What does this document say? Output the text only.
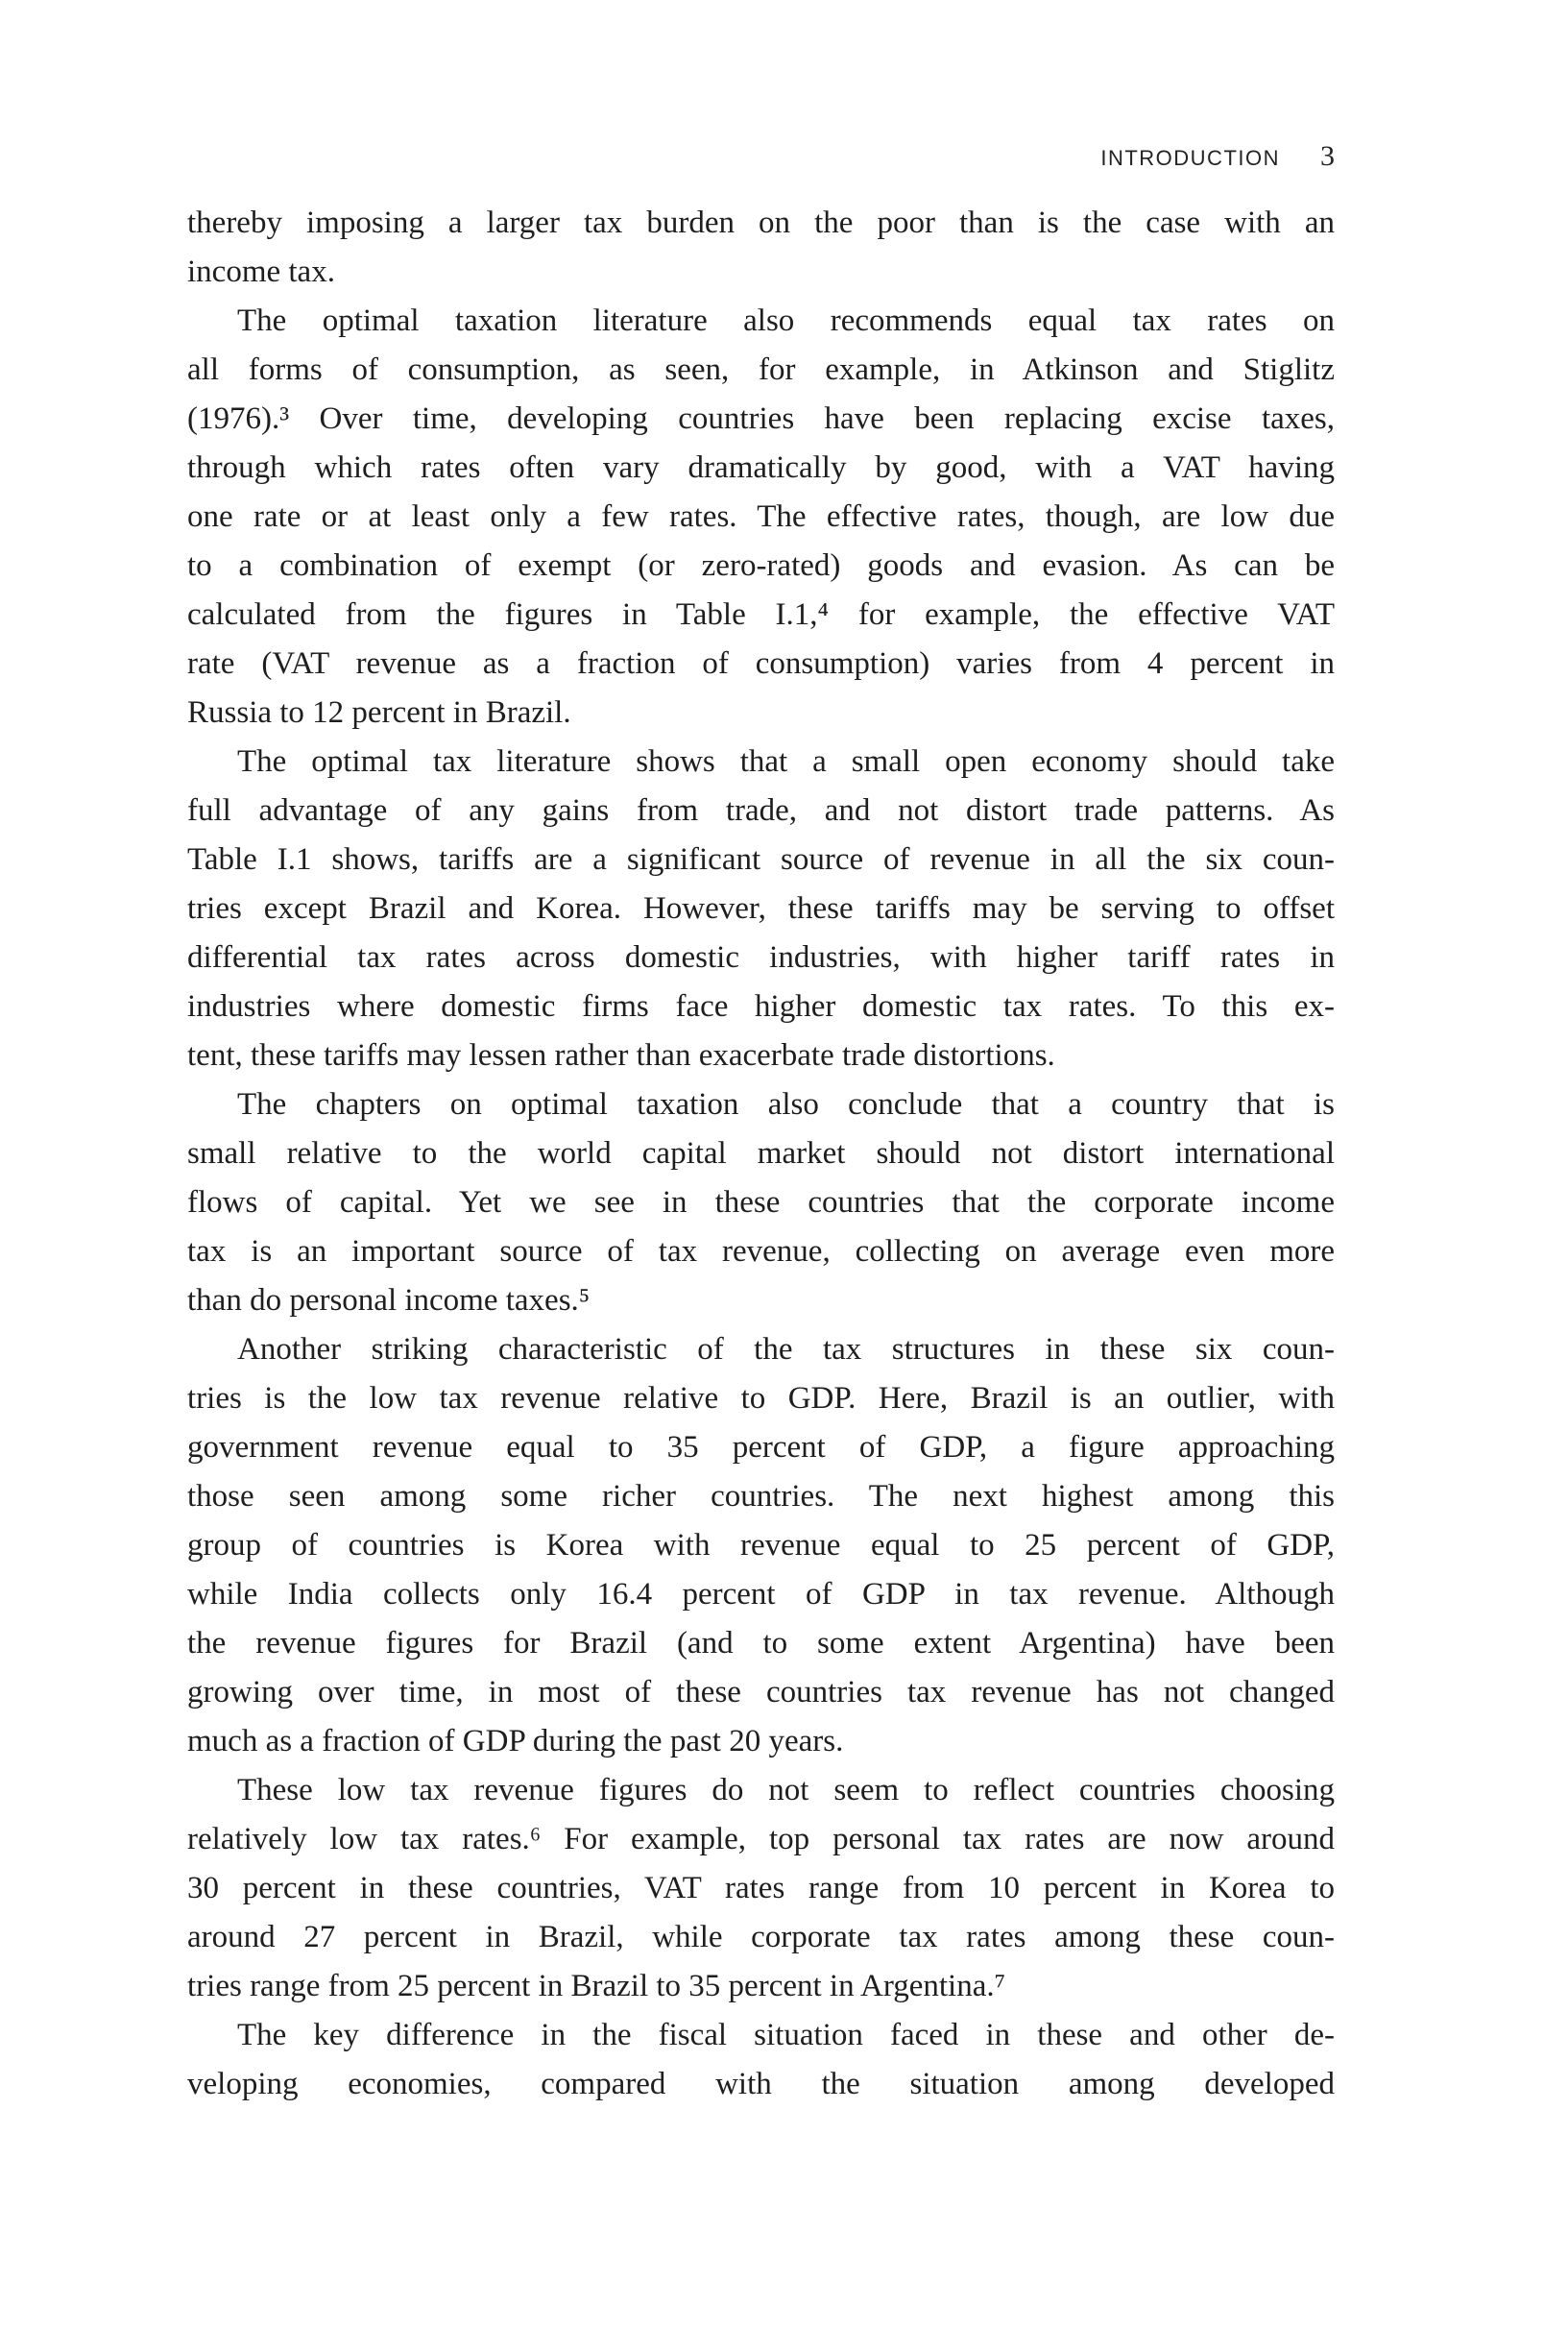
INTRODUCTION 3
thereby imposing a larger tax burden on the poor than is the case with an
income tax.
The optimal taxation literature also recommends equal tax rates on
all forms of consumption, as seen, for example, in Atkinson and Stiglitz
(1976).³ Over time, developing countries have been replacing excise taxes,
through which rates often vary dramatically by good, with a VAT having
one rate or at least only a few rates. The effective rates, though, are low due
to a combination of exempt (or zero-rated) goods and evasion. As can be
calculated from the figures in Table I.1,⁴ for example, the effective VAT
rate (VAT revenue as a fraction of consumption) varies from 4 percent in
Russia to 12 percent in Brazil.
The optimal tax literature shows that a small open economy should take
full advantage of any gains from trade, and not distort trade patterns. As
Table I.1 shows, tariffs are a significant source of revenue in all the six coun-
tries except Brazil and Korea. However, these tariffs may be serving to offset
differential tax rates across domestic industries, with higher tariff rates in
industries where domestic firms face higher domestic tax rates. To this ex-
tent, these tariffs may lessen rather than exacerbate trade distortions.
The chapters on optimal taxation also conclude that a country that is
small relative to the world capital market should not distort international
flows of capital. Yet we see in these countries that the corporate income
tax is an important source of tax revenue, collecting on average even more
than do personal income taxes.⁵
Another striking characteristic of the tax structures in these six coun-
tries is the low tax revenue relative to GDP. Here, Brazil is an outlier, with
government revenue equal to 35 percent of GDP, a figure approaching
those seen among some richer countries. The next highest among this
group of countries is Korea with revenue equal to 25 percent of GDP,
while India collects only 16.4 percent of GDP in tax revenue. Although
the revenue figures for Brazil (and to some extent Argentina) have been
growing over time, in most of these countries tax revenue has not changed
much as a fraction of GDP during the past 20 years.
These low tax revenue figures do not seem to reflect countries choosing
relatively low tax rates.⁶ For example, top personal tax rates are now around
30 percent in these countries, VAT rates range from 10 percent in Korea to
around 27 percent in Brazil, while corporate tax rates among these coun-
tries range from 25 percent in Brazil to 35 percent in Argentina.⁷
The key difference in the fiscal situation faced in these and other de-
veloping economies, compared with the situation among developed
